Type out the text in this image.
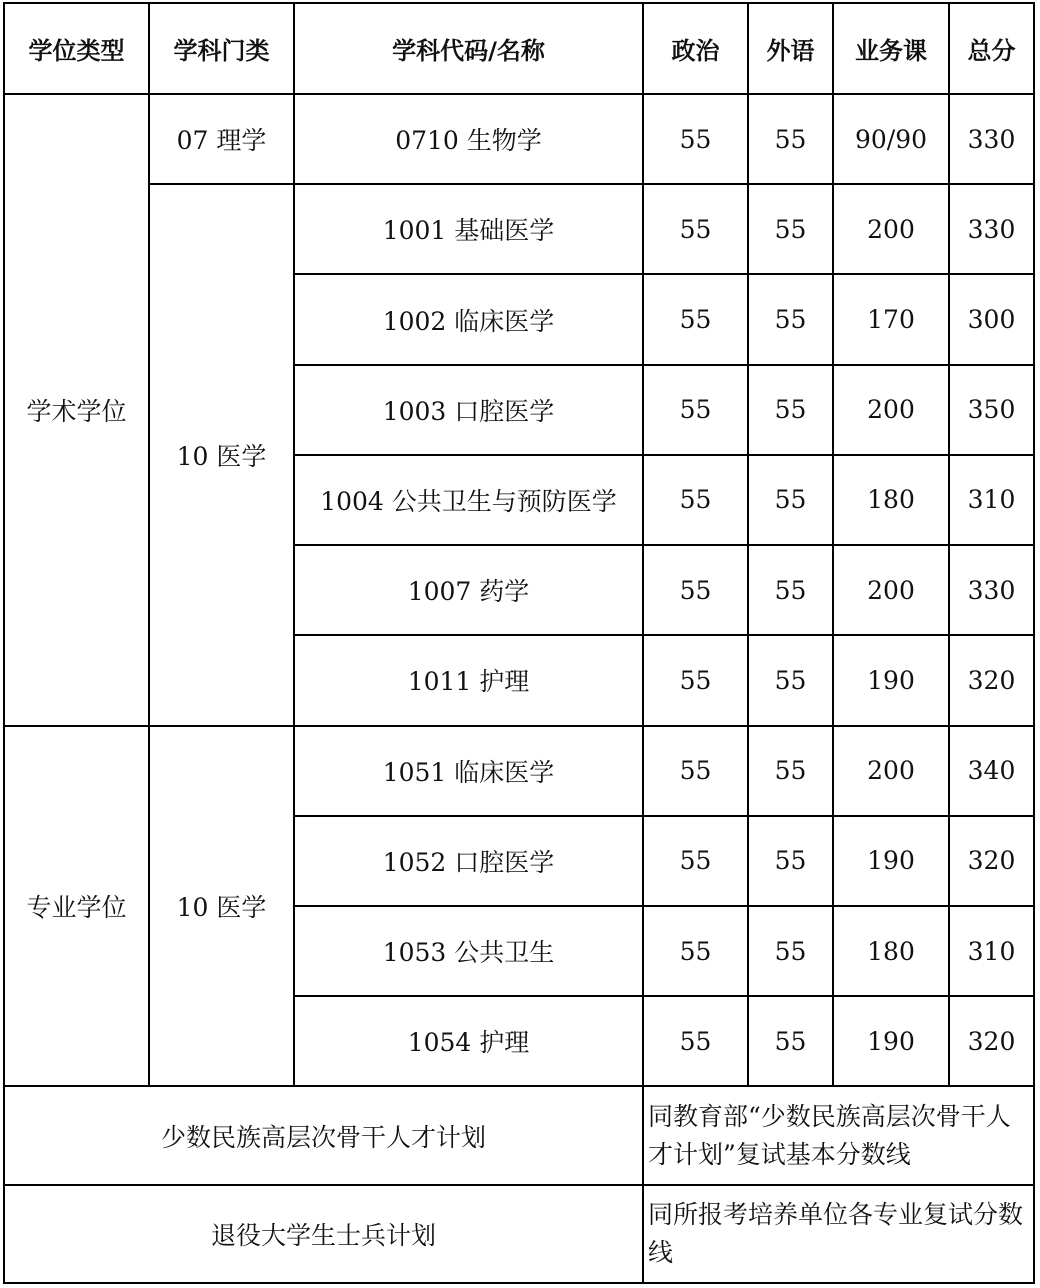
学位类型	学科门类	学科代码/名称	政治	外语	业务课	总分
学术学位	07 理学	0710 生物学	55	55	90/90	330
	10 医学	1001 基础医学	55	55	200	330
		1002 临床医学	55	55	170	300
		1003 口腔医学	55	55	200	350
		1004 公共卫生与预防医学	55	55	180	310
		1007 药学	55	55	200	330
		1011 护理	55	55	190	320
专业学位	10 医学	1051 临床医学	55	55	200	340
		1052 口腔医学	55	55	190	320
		1053 公共卫生	55	55	180	310
		1054 护理	55	55	190	320
少数民族高层次骨干人才计划			同教育部“少数民族高层次骨干人才计划”复试基本分数线			
退役大学生士兵计划			同所报考培养单位各专业复试分数线			
